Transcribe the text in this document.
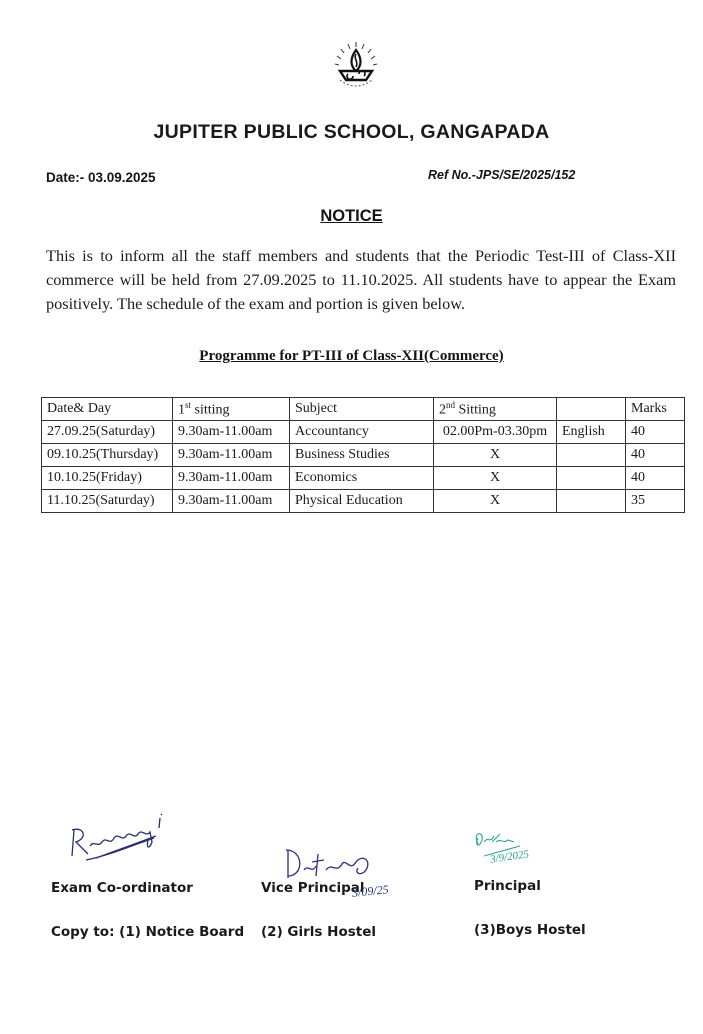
JUPITER PUBLIC SCHOOL, GANGAPADA
Date:- 03.09.2025	Ref No.-JPS/SE/2025/152
NOTICE
This is to inform all the staff members and students that the Periodic Test-III of Class-XII commerce will be held from 27.09.2025 to 11.10.2025. All students have to appear the Exam positively. The schedule of the exam and portion is given below.
Programme for PT-III of Class-XII(Commerce)
Date& Day	1st sitting	Subject	2nd Sitting		Marks
27.09.25(Saturday)	9.30am-11.00am	Accountancy	02.00Pm-03.30pm	English	40
09.10.25(Thursday)	9.30am-11.00am	Business Studies	X		40
10.10.25(Friday)	9.30am-11.00am	Economics	X		40
11.10.25(Saturday)	9.30am-11.00am	Physical Education	X		35
Exam Co-ordinator	Vice Principal
3/09/25
3/9/2025
Principal
Copy to: (1) Notice Board (2) Girls Hostel	(3)Boys Hostel
